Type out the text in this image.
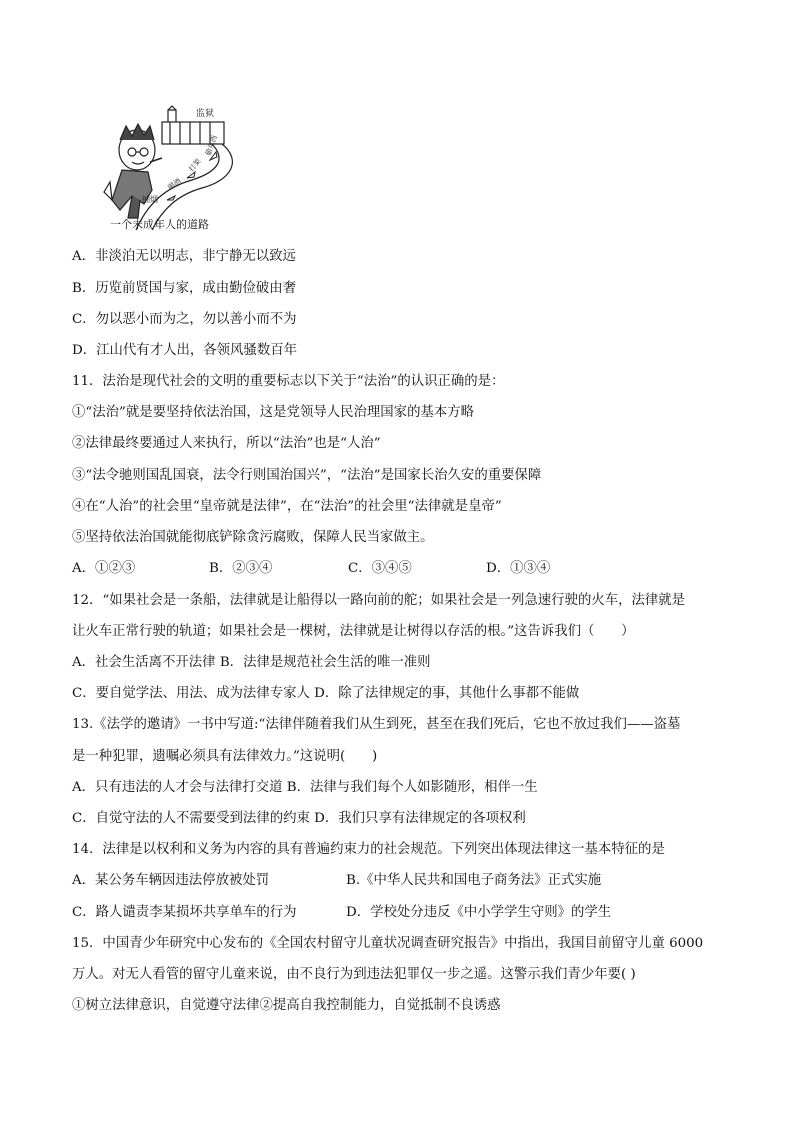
监狱
抽烟
喝酒
打架
偷东西
一个未成年人的道路
A．非淡泊无以明志，非宁静无以致远
B．历览前贤国与家，成由勤俭破由奢
C．勿以恶小而为之，勿以善小而不为
D．江山代有才人出，各领风骚数百年
11．法治是现代社会的文明的重要标志以下关于“法治”的认识正确的是：
①“法治”就是要坚持依法治国，这是党领导人民治理国家的基本方略
②法律最终要通过人来执行，所以“法治”也是“人治”
③“法令驰则国乱国衰，法令行则国治国兴”，“法治”是国家长治久安的重要保障
④在“人治”的社会里“皇帝就是法律”，在“法治”的社会里“法律就是皇帝”
⑤坚持依法治国就能彻底铲除贪污腐败，保障人民当家做主。
A．①②③	B．②③④	C．③④⑤	D．①③④
12．“如果社会是一条船，法律就是让船得以一路向前的舵；如果社会是一列急速行驶的火车，法律就是
让火车正常行驶的轨道；如果社会是一棵树，法律就是让树得以存活的根。”这告诉我们（　　）
A．社会生活离不开法律 B．法律是规范社会生活的唯一准则
C．要自觉学法、用法、成为法律专家人 D．除了法律规定的事，其他什么事都不能做
13.《法学的邀请》一书中写道:“法律伴随着我们从生到死，甚至在我们死后，它也不放过我们——盗墓
是一种犯罪，遗嘱必须具有法律效力。”这说明(　　)
A．只有违法的人才会与法律打交道 B．法律与我们每个人如影随形，相伴一生
C．自觉守法的人不需要受到法律的约束 D．我们只享有法律规定的各项权利
14．法律是以权利和义务为内容的具有普遍约束力的社会规范。下列突出体现法律这一基本特征的是
A．某公务车辆因违法停放被处罚	B.《中华人民共和国电子商务法》正式实施
C．路人谴责李某损坏共享单车的行为	D．学校处分违反《中小学学生守则》的学生
15．中国青少年研究中心发布的《全国农村留守儿童状况调查研究报告》中指出，我国目前留守儿童 6000
万人。对无人看管的留守儿童来说，由不良行为到违法犯罪仅一步之遥。这警示我们青少年要( )
①树立法律意识，自觉遵守法律②提高自我控制能力，自觉抵制不良诱惑
